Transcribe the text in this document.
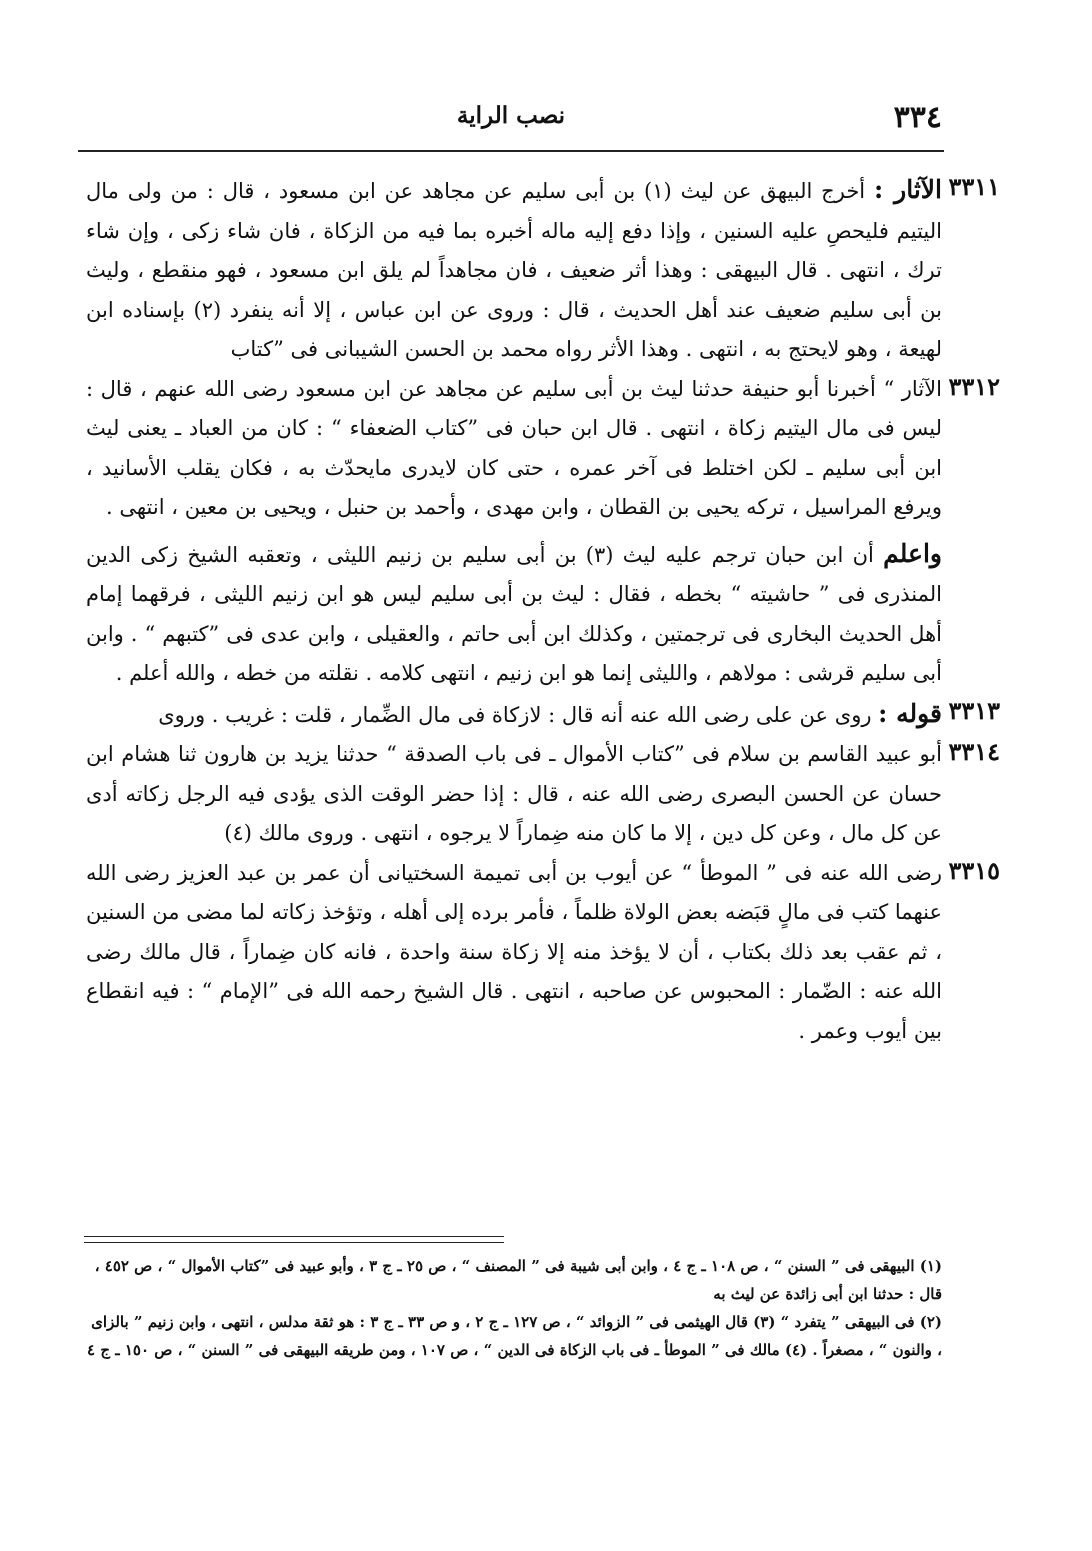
٣٣٤
نصب الراية
٣٣١١

الآثار : أخرج البيهق عن ليث (١) بن أبى سليم عن مجاهد عن ابن مسعود ، قال : من ولى مال اليتيم فليحصِ عليه السنين ، وإذا دفع إليه ماله أخبره بما فيه من الزكاة ، فان شاء زكى ، وإن شاء ترك ، انتهى . قال البيهقى : وهذا أثر ضعيف ، فان مجاهداً لم يلق ابن مسعود ، فهو منقطع ، وليث بن أبى سليم ضعيف عند أهل الحديث ، قال : وروى عن ابن عباس ، إلا أنه ينفرد (٢) بإسناده ابن لهيعة ، وهو لايحتج به ، انتهى . وهذا الأثر رواه محمد بن الحسن الشيبانى فى ”كتاب

٣٣١٢

الآثار “ أخبرنا أبو حنيفة حدثنا ليث بن أبى سليم عن مجاهد عن ابن مسعود رضى الله عنهم ، قال : ليس فى مال اليتيم زكاة ، انتهى . قال ابن حبان فى ”كتاب الضعفاء “ : كان من العباد ـ يعنى ليث ابن أبى سليم ـ لكن اختلط فى آخر عمره ، حتى كان لايدرى مايحدّث به ، فكان يقلب الأسانيد ، ويرفع المراسيل ، تركه يحيى بن القطان ، وابن مهدى ، وأحمد بن حنبل ، ويحيى بن معين ، انتهى .

واعلم أن ابن حبان ترجم عليه ليث (٣) بن أبى سليم بن زنيم الليثى ، وتعقبه الشيخ زكى الدين المنذرى فى ” حاشيته “ بخطه ، فقال : ليث بن أبى سليم ليس هو ابن زنيم الليثى ، فرقهما إمام أهل الحديث البخارى فى ترجمتين ، وكذلك ابن أبى حاتم ، والعقيلى ، وابن عدى فى ”كتبهم “ . وابن أبى سليم قرشى : مولاهم ، والليثى إنما هو ابن زنيم ، انتهى كلامه . نقلته من خطه ، والله أعلم .

٣٣١٣

قوله : روى عن على رضى الله عنه أنه قال : لازكاة فى مال الضِّمار ، قلت : غريب . وروى

٣٣١٤

أبو عبيد القاسم بن سلام فى ”كتاب الأموال ـ فى باب الصدقة “ حدثنا يزيد بن هارون ثنا هشام ابن حسان عن الحسن البصرى رضى الله عنه ، قال : إذا حضر الوقت الذى يؤدى فيه الرجل زكاته أدى عن كل مال ، وعن كل دين ، إلا ما كان منه ضِماراً لا يرجوه ، انتهى . وروى مالك (٤)

٣٣١٥

رضى الله عنه فى ” الموطأ “ عن أيوب بن أبى تميمة السختيانى أن عمر بن عبد العزيز رضى الله عنهما كتب فى مالٍ قبَضه بعض الولاة ظلماً ، فأمر برده إلى أهله ، وتؤخذ زكاته لما مضى من السنين ، ثم عقب بعد ذلك بكتاب ، أن لا يؤخذ منه إلا زكاة سنة واحدة ، فانه كان ضِماراً ، قال مالك رضى الله عنه : الضّمار : المحبوس عن صاحبه ، انتهى . قال الشيخ رحمه الله فى ”الإمام “ : فيه انقطاع بين أيوب وعمر .

(١) البيهقى فى ” السنن “ ، ص ١٠٨ ـ ج ٤ ، وابن أبى شيبة فى ” المصنف “ ، ص ٢٥ ـ ج ٣ ، وأبو عبيد فى ”كتاب الأموال “ ، ص ٤٥٢ ، قال : حدثنا ابن أبى زائدة عن ليث به

(٢) فى البيهقى ” يتفرد “ (٣) قال الهيثمى فى ” الزوائد “ ، ص ١٢٧ ـ ج ٢ ، و ص ٣٣ ـ ج ٣ : هو ثقة مدلس ، انتهى ، وابن زنيم ” بالزاى ، والنون “ ، مصغراً . (٤) مالك فى ” الموطأ ـ فى باب الزكاة فى الدين “ ، ص ١٠٧ ، ومن طريقه البيهقى فى ” السنن “ ، ص ١٥٠ ـ ج ٤
